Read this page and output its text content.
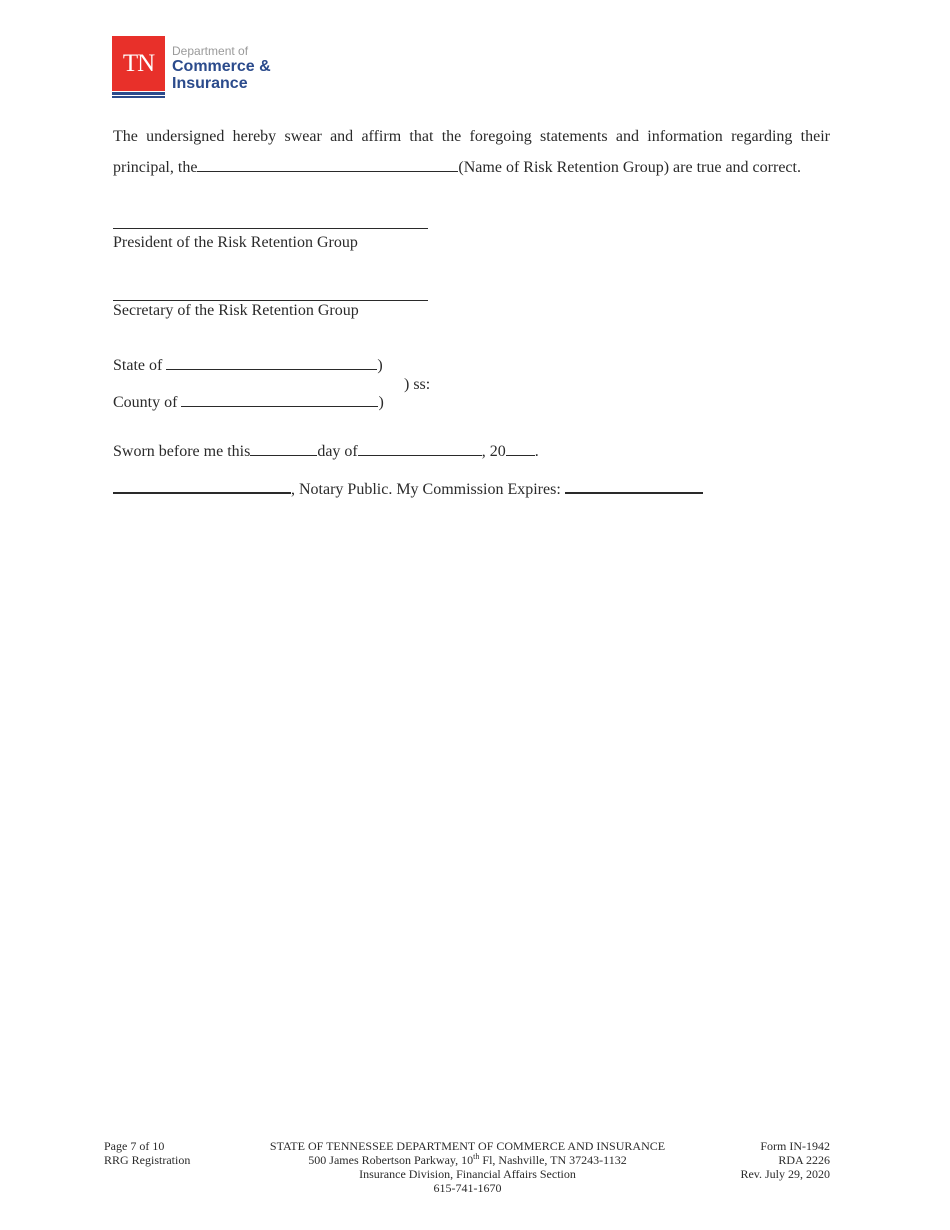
TN	Department of
Commerce &
Insurance
The undersigned hereby swear and affirm that the foregoing statements and information regarding their
principal, the	(Name of Risk Retention Group) are true and correct.
President of the Risk Retention Group
Secretary of the Risk Retention Group
State of	)
) ss:
County of	)
Sworn before me this	day of	, 20 .
, Notary Public. My Commission Expires:
Page 7 of 10
RRG Registration
STATE OF TENNESSEE DEPARTMENT OF COMMERCE AND INSURANCE
500 James Robertson Parkway, 10th Fl, Nashville, TN 37243-1132
Insurance Division, Financial Affairs Section
615-741-1670
Form IN-1942
RDA 2226
Rev. July 29, 2020
